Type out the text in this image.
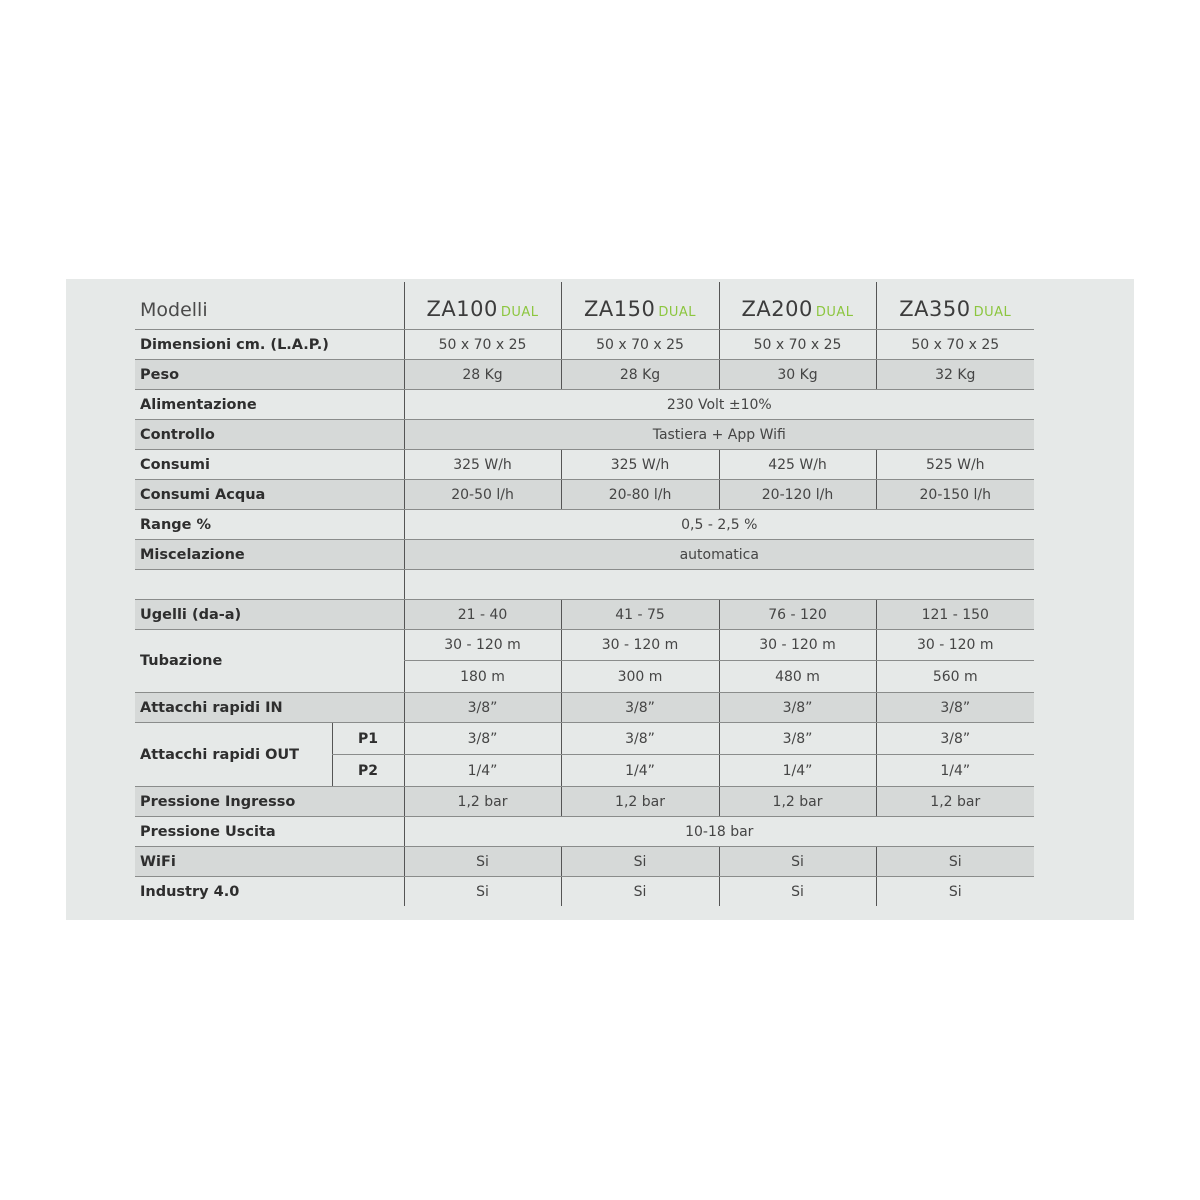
Modelli		ZA100 DUAL	ZA150 DUAL	ZA200 DUAL	ZA350 DUAL
Dimensioni cm. (L.A.P.)		50 x 70 x 25	50 x 70 x 25	50 x 70 x 25	50 x 70 x 25
Peso		28 Kg	28 Kg	30 Kg	32 Kg
Alimentazione		230 Volt ±10%			
Controllo		Tastiera + App Wifi			
Consumi		325 W/h	325 W/h	425 W/h	525 W/h
Consumi Acqua		20-50 l/h	20-80 l/h	20-120 l/h	20-150 l/h
Range %		0,5 - 2,5 %			
Miscelazione		automatica			

Ugelli (da-a)		21 - 40	41 - 75	76 - 120	121 - 150
Tubazione		30 - 120 m	30 - 120 m	30 - 120 m	30 - 120 m
		180 m	300 m	480 m	560 m
Attacchi rapidi IN		3/8”	3/8”	3/8”	3/8”
Attacchi rapidi OUT	P1	3/8”	3/8”	3/8”	3/8”
	P2	1/4”	1/4”	1/4”	1/4”
Pressione Ingresso		1,2 bar	1,2 bar	1,2 bar	1,2 bar
Pressione Uscita		10-18 bar			
WiFi		Si	Si	Si	Si
Industry 4.0		Si	Si	Si	Si
